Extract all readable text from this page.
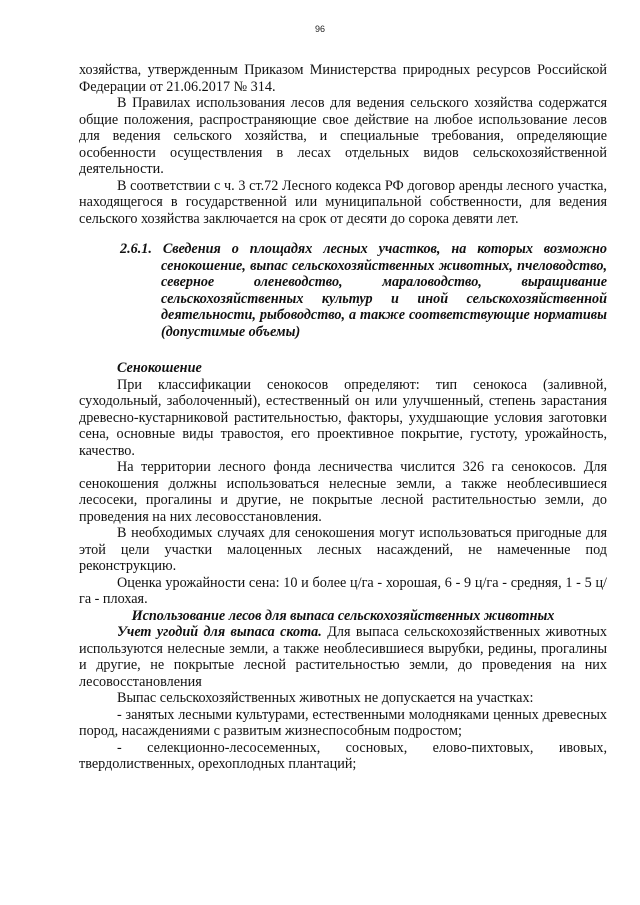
96

хозяйства, утвержденным Приказом Министерства природных ресурсов Российской Федерации от 21.06.2017 № 314.

В Правилах использования лесов для ведения сельского хозяйства содержатся общие положения, распространяющие свое действие на любое использование лесов для ведения сельского хозяйства, и специальные требования, определяющие особенности осуществления в лесах отдельных видов сельскохозяйственной деятельности.

В соответствии с ч. 3 ст.72 Лесного кодекса РФ договор аренды лесного участка, находящегося в государственной или муниципальной собственности, для ведения сельского хозяйства заключается на срок от десяти до сорока девяти лет.

2.6.1. Сведения о площадях лесных участков, на которых возможно сенокошение, выпас сельскохозяйственных животных, пчеловодство, северное оленеводство, мараловодство, выращивание сельскохозяйственных культур и иной сельскохозяйственной деятельности, рыбоводство, а также соответствующие нормативы (допустимые объемы)

Сенокошение

При классификации сенокосов определяют: тип сенокоса (заливной, суходольный, заболоченный), естественный он или улучшенный, степень зарастания древесно-кустарниковой растительностью, факторы, ухудшающие условия заготовки сена, основные виды травостоя, его проективное покрытие, густоту, урожайность, качество.

На территории лесного фонда лесничества числится 326 га сенокосов. Для сенокошения должны использоваться нелесные земли, а также необлесившиеся лесосеки, прогалины и другие, не покрытые лесной растительностью земли, до проведения на них лесовосстановления.

В необходимых случаях для сенокошения могут использоваться пригодные для этой цели участки малоценных лесных насаждений, не намеченные под реконструкцию.

Оценка урожайности сена: 10 и более ц/га - хорошая, 6 - 9 ц/га - средняя, 1 - 5 ц/га - плохая.

Использование лесов для выпаса сельскохозяйственных животных

Учет угодий для выпаса скота. Для выпаса сельскохозяйственных животных используются нелесные земли, а также необлесившиеся вырубки, редины, прогалины и другие, не покрытые лесной растительностью земли, до проведения на них лесовосстановления

Выпас сельскохозяйственных животных не допускается на участках:

- занятых лесными культурами, естественными молодняками ценных древесных пород, насаждениями с развитым жизнеспособным подростом;

- селекционно-лесосеменных, сосновых, елово-пихтовых, ивовых, твердолиственных, орехоплодных плантаций;
